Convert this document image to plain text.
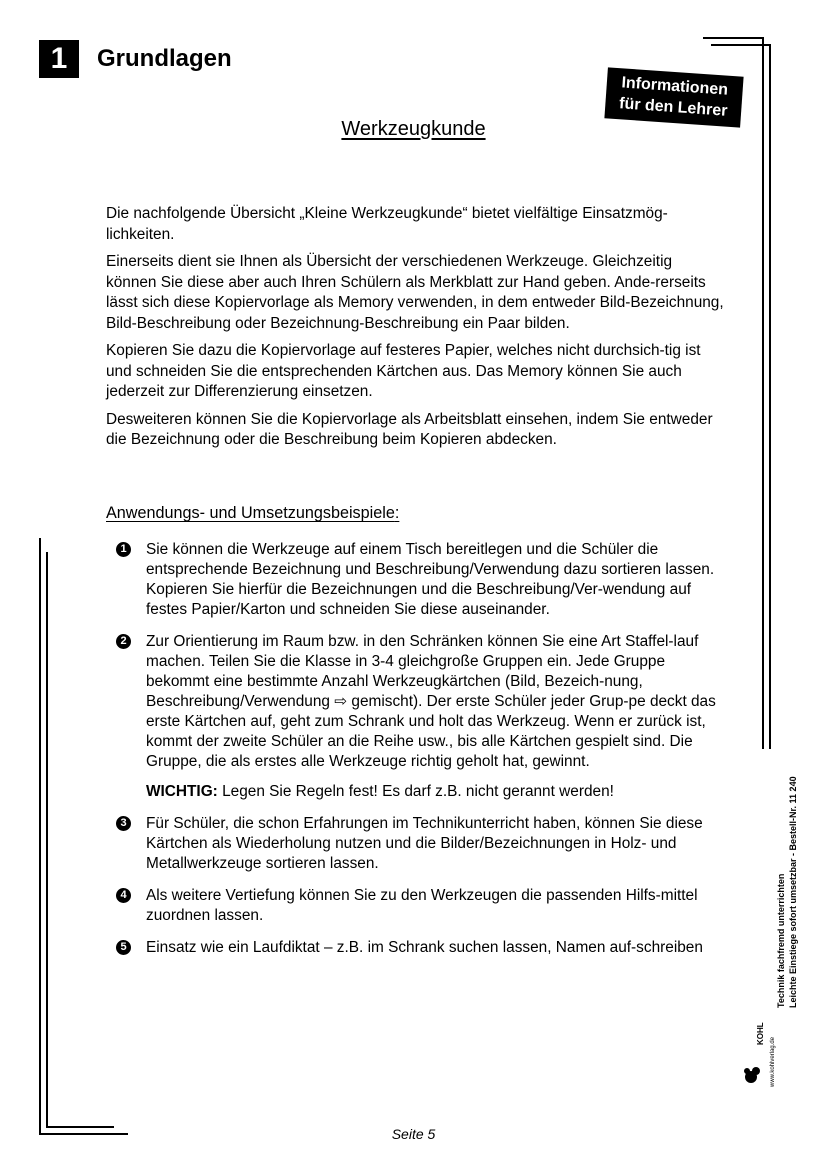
1	Grundlagen
Informationen
für den Lehrer
Werkzeugkunde

Die nachfolgende Übersicht „Kleine Werkzeugkunde“ bietet vielfältige Einsatzmög-lichkeiten.

Einerseits dient sie Ihnen als Übersicht der verschiedenen Werkzeuge. Gleichzeitig können Sie diese aber auch Ihren Schülern als Merkblatt zur Hand geben. Ande-rerseits lässt sich diese Kopiervorlage als Memory verwenden, in dem entweder Bild-Bezeichnung, Bild-Beschreibung oder Bezeichnung-Beschreibung ein Paar bilden.

Kopieren Sie dazu die Kopiervorlage auf festeres Papier, welches nicht durchsich-tig ist und schneiden Sie die entsprechenden Kärtchen aus. Das Memory können Sie auch jederzeit zur Differenzierung einsetzen.

Desweiteren können Sie die Kopiervorlage als Arbeitsblatt einsehen, indem Sie entweder die Bezeichnung oder die Beschreibung beim Kopieren abdecken.

Anwendungs- und Umsetzungsbeispiele:
1 Sie können die Werkzeuge auf einem Tisch bereitlegen und die Schüler die entsprechende Bezeichnung und Beschreibung/Verwendung dazu sortieren lassen. Kopieren Sie hierfür die Bezeichnungen und die Beschreibung/Ver-wendung auf festes Papier/Karton und schneiden Sie diese auseinander.

2 Zur Orientierung im Raum bzw. in den Schränken können Sie eine Art Staffel-lauf machen. Teilen Sie die Klasse in 3-4 gleichgroße Gruppen ein. Jede Gruppe bekommt eine bestimmte Anzahl Werkzeugkärtchen (Bild, Bezeich-nung, Beschreibung/Verwendung ⇨ gemischt). Der erste Schüler jeder Grup-pe deckt das erste Kärtchen auf, geht zum Schrank und holt das Werkzeug. Wenn er zurück ist, kommt der zweite Schüler an die Reihe usw., bis alle Kärtchen gespielt sind. Die Gruppe, die als erstes alle Werkzeuge richtig geholt hat, gewinnt.

WICHTIG: Legen Sie Regeln fest! Es darf z.B. nicht gerannt werden!

3 Für Schüler, die schon Erfahrungen im Technikunterricht haben, können Sie diese Kärtchen als Wiederholung nutzen und die Bilder/Bezeichnungen in Holz- und Metallwerkzeuge sortieren lassen.

4 Als weitere Vertiefung können Sie zu den Werkzeugen die passenden Hilfs-mittel zuordnen lassen.

5 Einsatz wie ein Laufdiktat – z.B. im Schrank suchen lassen, Namen auf-schreiben	Technik fachfremd unterrichten Leichte Einstiege sofort umsetzbar - Bestell-Nr. 11 240
KOHL
www.kohlverlag.de
Seite 5
